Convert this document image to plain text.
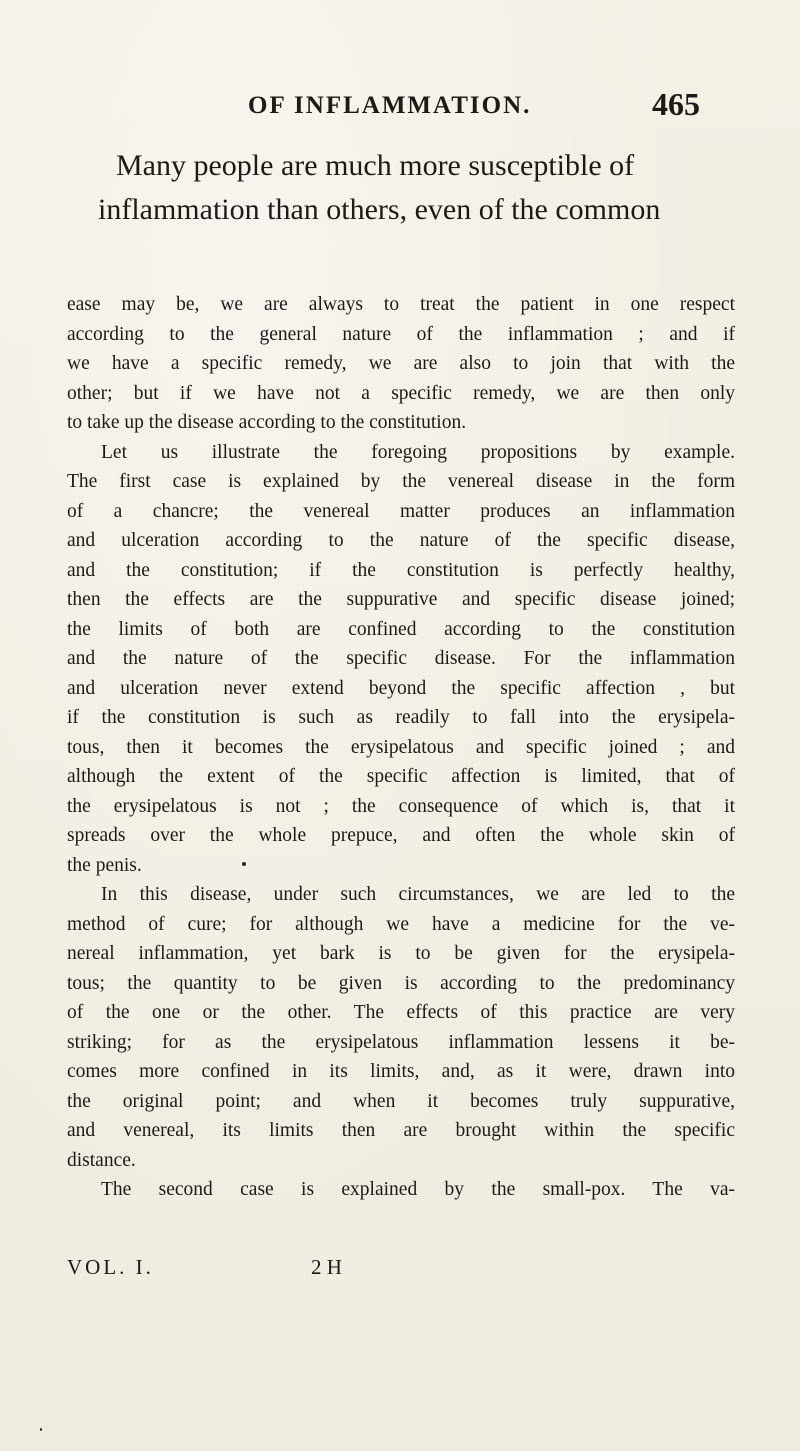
OF INFLAMMATION.	465
Many people are much more susceptible of
inflammation than others, even of the common
ease may be, we are always to treat the patient in one respect
according to the general nature of the inflammation ; and if
we have a specific remedy, we are also to join that with the
other; but if we have not a specific remedy, we are then only
to take up the disease according to the constitution.
Let us illustrate the foregoing propositions by example.
The first case is explained by the venereal disease in the form
of a chancre; the venereal matter produces an inflammation
and ulceration according to the nature of the specific disease,
and the constitution; if the constitution is perfectly healthy,
then the effects are the suppurative and specific disease joined;
the limits of both are confined according to the constitution
and the nature of the specific disease. For the inflammation
and ulceration never extend beyond the specific affection , but
if the constitution is such as readily to fall into the erysipela-
tous, then it becomes the erysipelatous and specific joined ; and
although the extent of the specific affection is limited, that of
the erysipelatous is not ; the consequence of which is, that it
spreads over the whole prepuce, and often the whole skin of
the penis.
In this disease, under such circumstances, we are led to the
method of cure; for although we have a medicine for the ve-
nereal inflammation, yet bark is to be given for the erysipela-
tous; the quantity to be given is according to the predominancy
of the one or the other. The effects of this practice are very
striking; for as the erysipelatous inflammation lessens it be-
comes more confined in its limits, and, as it were, drawn into
the original point; and when it becomes truly suppurative,
and venereal, its limits then are brought within the specific
distance.
The second case is explained by the small-pox. The va-
VOL. I.	2 H
